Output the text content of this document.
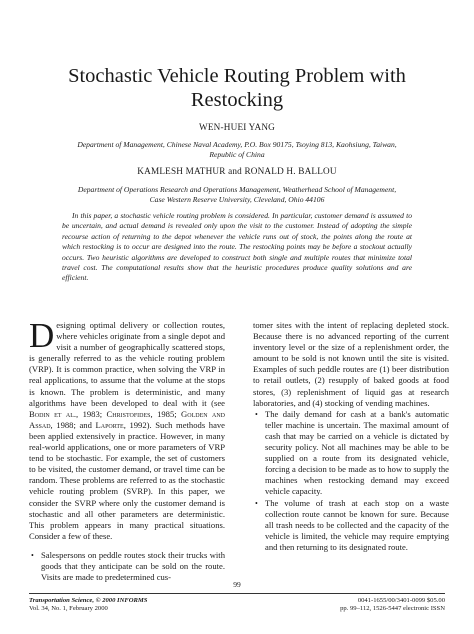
Stochastic Vehicle Routing Problem with
Restocking
WEN-HUEI YANG
Department of Management, Chinese Naval Academy, P.O. Box 90175, Tsoying 813, Kaohsiung, Taiwan,
Republic of China
KAMLESH MATHUR and RONALD H. BALLOU
Department of Operations Research and Operations Management, Weatherhead School of Management,
Case Western Reserve University, Cleveland, Ohio 44106
In this paper, a stochastic vehicle routing problem is considered. In particular, customer demand is assumed to be uncertain, and actual demand is revealed only upon the visit to the customer. Instead of adopting the simple recourse action of returning to the depot whenever the vehicle runs out of stock, the points along the route at which restocking is to occur are designed into the route. The restocking points may be before a stockout actually occurs. Two heuristic algorithms are developed to construct both single and multiple routes that minimize total travel cost. The computational results show that the heuristic procedures produce quality solutions and are efficient.

Designing optimal delivery or collection routes, where vehicles originate from a single depot and visit a number of geographically scattered stops, is generally referred to as the vehicle routing problem (VRP). It is common practice, when solving the VRP in real applications, to assume that the volume at the stops is known. The problem is deterministic, and many algorithms have been developed to deal with it (see Bodin et al., 1983; Christofides, 1985; Golden and Assad, 1988; and Laporte, 1992). Such methods have been applied extensively in practice. However, in many real-world applications, one or more parameters of VRP tend to be stochastic. For example, the set of customers to be visited, the customer demand, or travel time can be random. These problems are referred to as the stochastic vehicle routing problem (SVRP). In this paper, we consider the SVRP where only the customer demand is stochastic and all other parameters are deterministic. This problem appears in many practical situations. Consider a few of these.

• Salespersons on peddle routes stock their trucks with goods that they anticipate can be sold on the route. Visits are made to predetermined cus-

tomer sites with the intent of replacing depleted stock. Because there is no advanced reporting of the current inventory level or the size of a replenishment order, the amount to be sold is not known until the site is visited. Examples of such peddle routes are (1) beer distribution to retail outlets, (2) resupply of baked goods at food stores, (3) replenishment of liquid gas at research laboratories, and (4) stocking of vending machines.

• The daily demand for cash at a bank's automatic teller machine is uncertain. The maximal amount of cash that may be carried on a vehicle is dictated by security policy. Not all machines may be able to be supplied on a route from its designated vehicle, forcing a decision to be made as to how to supply the machines when restocking demand may exceed vehicle capacity.

• The volume of trash at each stop on a waste collection route cannot be known for sure. Because all trash needs to be collected and the capacity of the vehicle is limited, the vehicle may require emptying and then returning to its designated route.

99
Transportation Science, © 2000 INFORMS
Vol. 34, No. 1, February 2000
0041-1655/00/3401-0099 $05.00
pp. 99–112, 1526-5447 electronic ISSN
